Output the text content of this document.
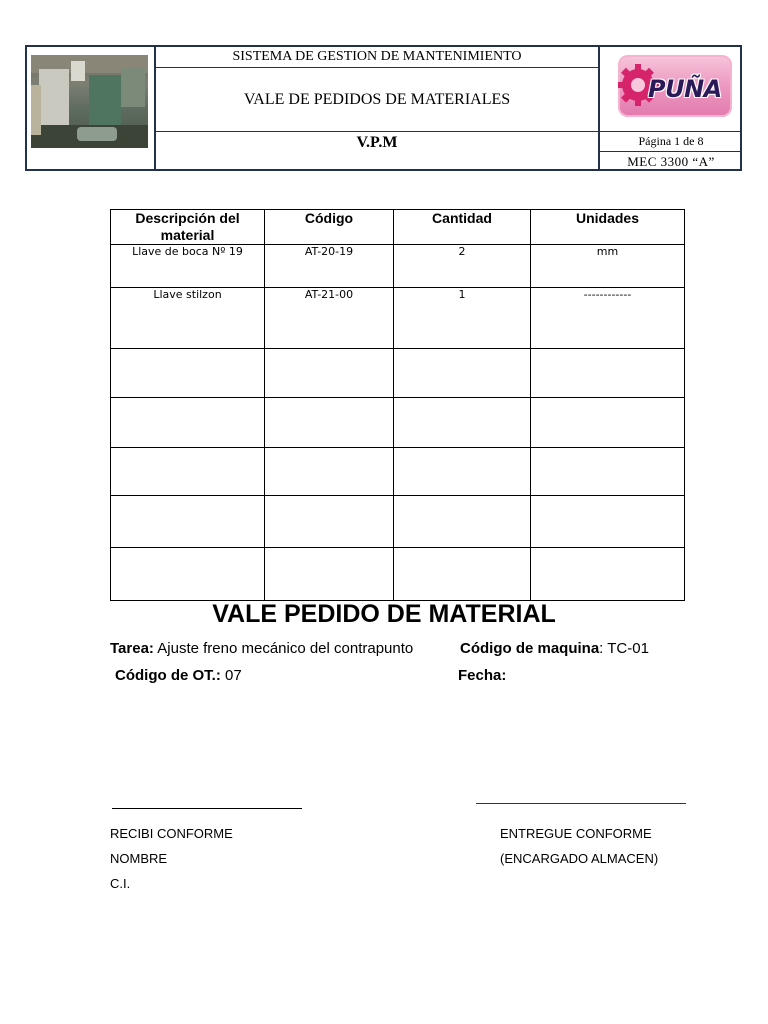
SISTEMA DE GESTION DE MANTENIMIENTO
VALE DE PEDIDOS DE MATERIALES
V.P.M
PUÑA
Página 1 de 8
MEC 3300 “A”
Descripción del material	Código	Cantidad	Unidades
Llave de boca Nº 19	AT-20-19	2	mm
Llave stilzon	AT-21-00	1	------------

VALE PEDIDO DE MATERIAL
Tarea: Ajuste freno mecánico del contrapunto	Código de maquina: TC-01
Código de OT.: 07	Fecha:
RECIBI CONFORME
NOMBRE
C.I.
ENTREGUE CONFORME
(ENCARGADO ALMACEN)
